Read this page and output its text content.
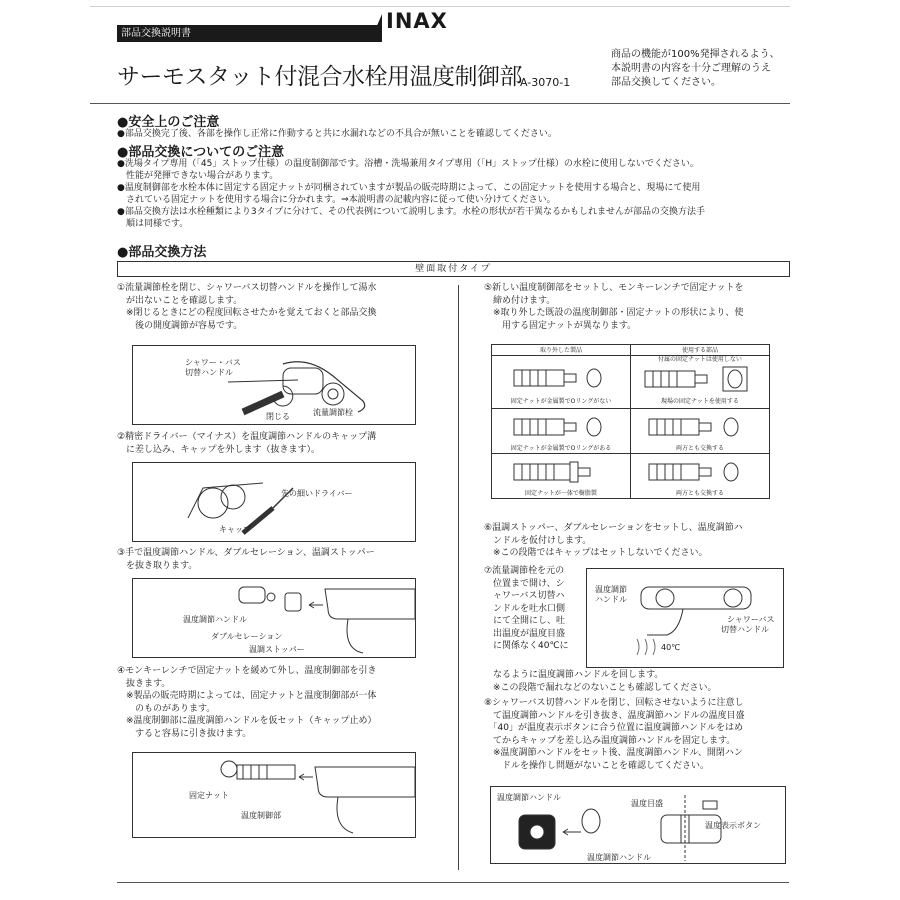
部品交換説明書
INAX
サーモスタット付混合水栓用温度制御部
A-3070-1
商品の機能が100%発揮されるよう、
本説明書の内容を十分ご理解のうえ
部品交換してください。
●安全上のご注意
●部品交換完了後、各部を操作し正常に作動すると共に水漏れなどの不具合が無いことを確認してください。
●部品交換についてのご注意
●洗場タイプ専用（「45」ストップ仕様）の温度制御部です。浴槽・洗場兼用タイプ専用（「H」ストップ仕様）の水栓に使用しないでください。
　性能が発揮できない場合があります。
●温度制御部を水栓本体に固定する固定ナットが同梱されていますが製品の販売時期によって、この固定ナットを使用する場合と、現場にて使用
　されている固定ナットを使用する場合に分かれます。⇒本説明書の記載内容に従って使い分けてください。
●部品交換方法は水栓種類により3タイプに分けて、その代表例について説明します。水栓の形状が若干異なるかもしれませんが部品の交換方法手
　順は同様です。
●部品交換方法
壁面取付タイプ
①流量調節栓を閉じ、シャワーバス切替ハンドルを操作して湯水
　が出ないことを確認します。
　※閉じるときにどの程度回転させたかを覚えておくと部品交換
　　後の開度調節が容易です。
シャワー・バス
切替ハンドル
閉じる	流量調節栓
②精密ドライバー（マイナス）を温度調節ハンドルのキャップ溝
　に差し込み、キャップを外します（抜きます）。
先の細いドライバー
キャップ
③手で温度調節ハンドル、ダブルセレーション、温調ストッパー
　を抜き取ります。
温度調節ハンドル
ダブルセレーション
温調ストッパー
④モンキーレンチで固定ナットを緩めて外し、温度制御部を引き
　抜きます。
　※製品の販売時期によっては、固定ナットと温度制御部が一体
　　のものがあります。
　※温度制御部に温度調節ハンドルを仮セット（キャップ止め）
　　すると容易に引き抜けます。
固定ナット
温度制御部
⑤新しい温度制御部をセットし、モンキーレンチで固定ナットを
　締め付けます。
　※取り外した既設の温度制御部・固定ナットの形状により、使
　　用する固定ナットが異なります。
取り外した製品	使用する部品

固定ナットが金属製でOリングがない	付属の固定ナットは使用しない
現場の固定ナットを使用する

固定ナットが金属製でOリングがある	両方とも交換する

固定ナットが一体で樹脂製	両方とも交換する
⑥温調ストッパー、ダブルセレーションをセットし、温度調節ハ
　ンドルを仮付けします。
　※この段階ではキャップはセットしないでください。
⑦流量調節栓を元の
　位置まで開け、シ
　ャワーバス切替ハ
　ンドルを吐水口側
　にて全開にし、吐
　出温度が温度目盛
　に関係なく40℃に
温度調節
ハンドル
シャワーバス
切替ハンドル
40℃
　なるように温度調節ハンドルを回します。
　※この段階で漏れなどのないことも確認してください。
⑧シャワーバス切替ハンドルを閉じ、回転させないように注意し
　て温度調節ハンドルを引き抜き、温度調節ハンドルの温度目盛
　「40」が温度表示ボタンに合う位置に温度調節ハンドルをはめ
　てからキャップを差し込み温度調節ハンドルを固定します。
　※温度調節ハンドルをセット後、温度調節ハンドル、開閉ハン
　　ドルを操作し問題がないことを確認してください。
温度調節ハンドル
温度目盛
温度表示ボタン
温度調節ハンドル
